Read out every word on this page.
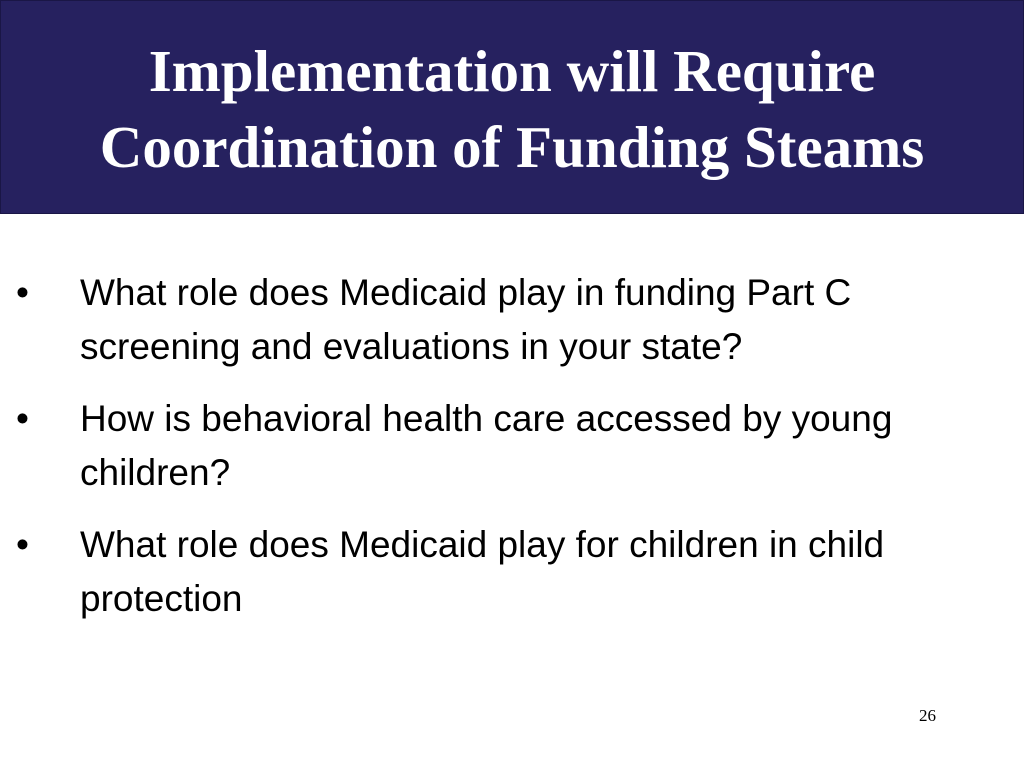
Implementation will Require
Coordination of Funding Steams
• What role does Medicaid play in funding Part C screening and evaluations in your state?
• How is behavioral health care accessed by young children?
• What role does Medicaid play for children in child protection
26
